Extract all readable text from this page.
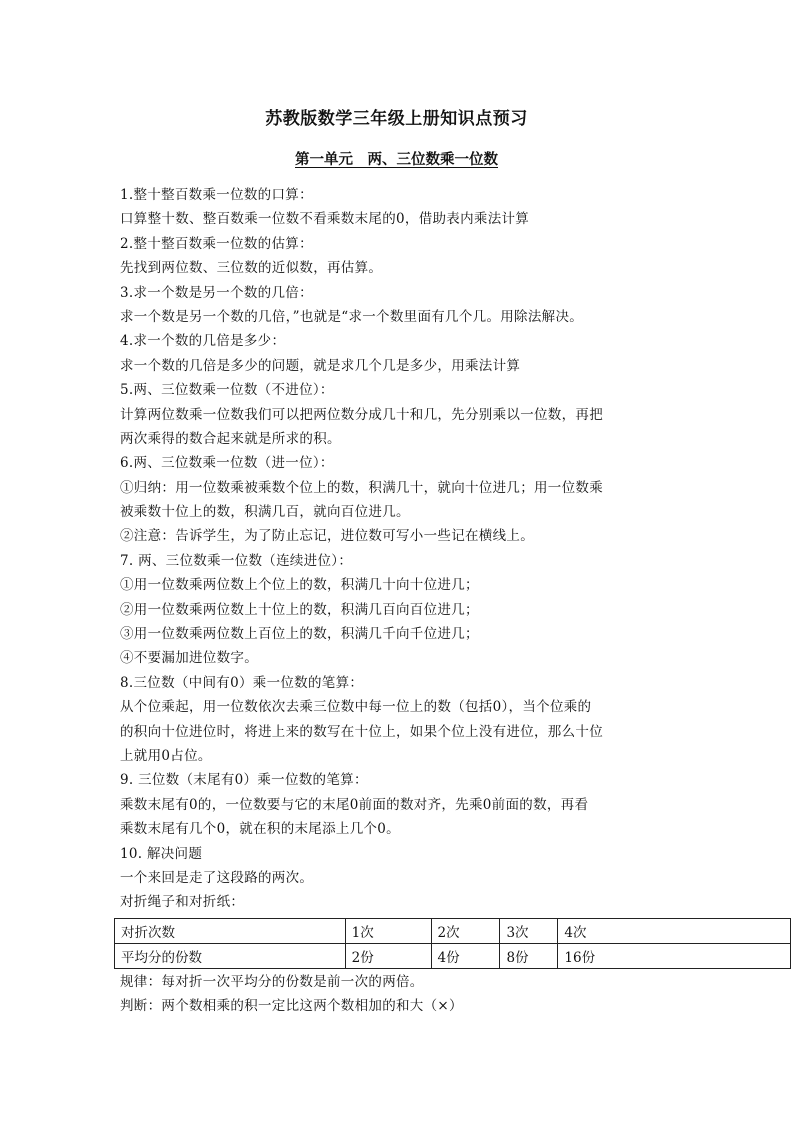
苏教版数学三年级上册知识点预习
第一单元　两、三位数乘一位数
1.整十整百数乘一位数的口算：
口算整十数、整百数乘一位数不看乘数末尾的0，借助表内乘法计算
2.整十整百数乘一位数的估算：
先找到两位数、三位数的近似数，再估算。
3.求一个数是另一个数的几倍：
求一个数是另一个数的几倍，”也就是“求一个数里面有几个几。用除法解决。
4.求一个数的几倍是多少：
求一个数的几倍是多少的问题，就是求几个几是多少，用乘法计算
5.两、三位数乘一位数（不进位）：
计算两位数乘一位数我们可以把两位数分成几十和几，先分别乘以一位数，再把
两次乘得的数合起来就是所求的积。
6.两、三位数乘一位数（进一位）：
①归纳：用一位数乘被乘数个位上的数，积满几十，就向十位进几；用一位数乘
被乘数十位上的数，积满几百，就向百位进几。
②注意：告诉学生，为了防止忘记，进位数可写小一些记在横线上。
7. 两、三位数乘一位数（连续进位）：
①用一位数乘两位数上个位上的数，积满几十向十位进几；
②用一位数乘两位数上十位上的数，积满几百向百位进几；
③用一位数乘两位数上百位上的数，积满几千向千位进几；
④不要漏加进位数字。
8.三位数（中间有0）乘一位数的笔算：
从个位乘起，用一位数依次去乘三位数中每一位上的数（包括0），当个位乘的
的积向十位进位时，将进上来的数写在十位上，如果个位上没有进位，那么十位
上就用0占位。
9. 三位数（末尾有0）乘一位数的笔算：
乘数末尾有0的，一位数要与它的末尾0前面的数对齐，先乘0前面的数，再看
乘数末尾有几个0，就在积的末尾添上几个0。
10. 解决问题
一个来回是走了这段路的两次。
对折绳子和对折纸：
对折次数	1次	2次	3次	4次
平均分的份数	2份	4份	8份	16份
规律：每对折一次平均分的份数是前一次的两倍。
判断：两个数相乘的积一定比这两个数相加的和大（×）
